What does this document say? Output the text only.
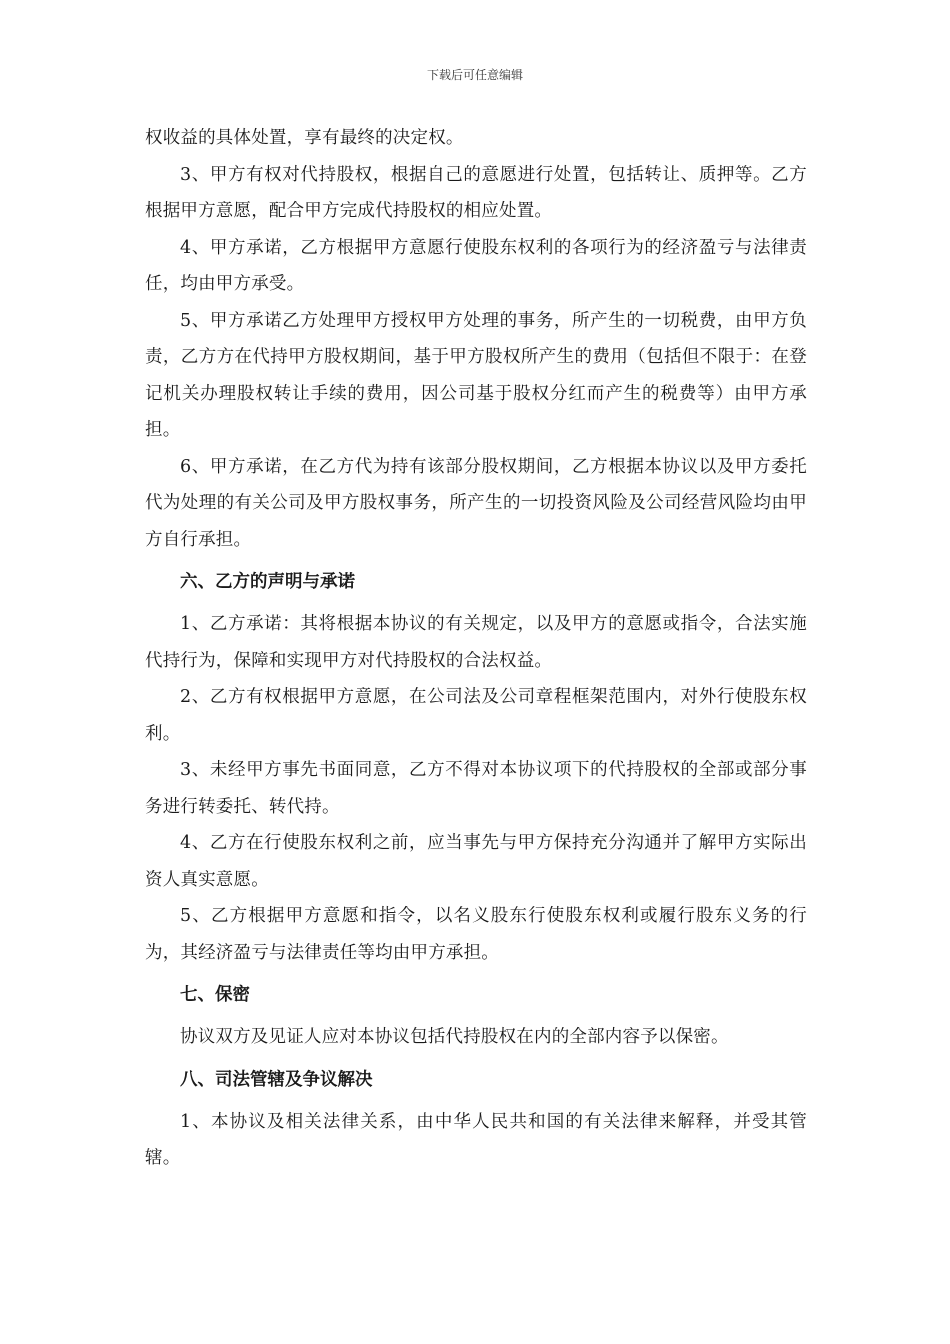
下载后可任意编辑

权收益的具体处置，享有最终的决定权。

3、甲方有权对代持股权，根据自己的意愿进行处置，包括转让、质押等。乙方根据甲方意愿，配合甲方完成代持股权的相应处置。

4、甲方承诺，乙方根据甲方意愿行使股东权利的各项行为的经济盈亏与法律责任，均由甲方承受。

5、甲方承诺乙方处理甲方授权甲方处理的事务，所产生的一切税费，由甲方负责，乙方方在代持甲方股权期间，基于甲方股权所产生的费用（包括但不限于：在登记机关办理股权转让手续的费用，因公司基于股权分红而产生的税费等）由甲方承担。

6、甲方承诺，在乙方代为持有该部分股权期间，乙方根据本协议以及甲方委托代为处理的有关公司及甲方股权事务，所产生的一切投资风险及公司经营风险均由甲方自行承担。

六、乙方的声明与承诺

1、乙方承诺：其将根据本协议的有关规定，以及甲方的意愿或指令，合法实施代持行为，保障和实现甲方对代持股权的合法权益。

2、乙方有权根据甲方意愿，在公司法及公司章程框架范围内，对外行使股东权利。

3、未经甲方事先书面同意，乙方不得对本协议项下的代持股权的全部或部分事务进行转委托、转代持。

4、乙方在行使股东权利之前，应当事先与甲方保持充分沟通并了解甲方实际出资人真实意愿。

5、乙方根据甲方意愿和指令，以名义股东行使股东权利或履行股东义务的行为，其经济盈亏与法律责任等均由甲方承担。

七、保密

协议双方及见证人应对本协议包括代持股权在内的全部内容予以保密。

八、司法管辖及争议解决

1、本协议及相关法律关系，由中华人民共和国的有关法律来解释，并受其管辖。
